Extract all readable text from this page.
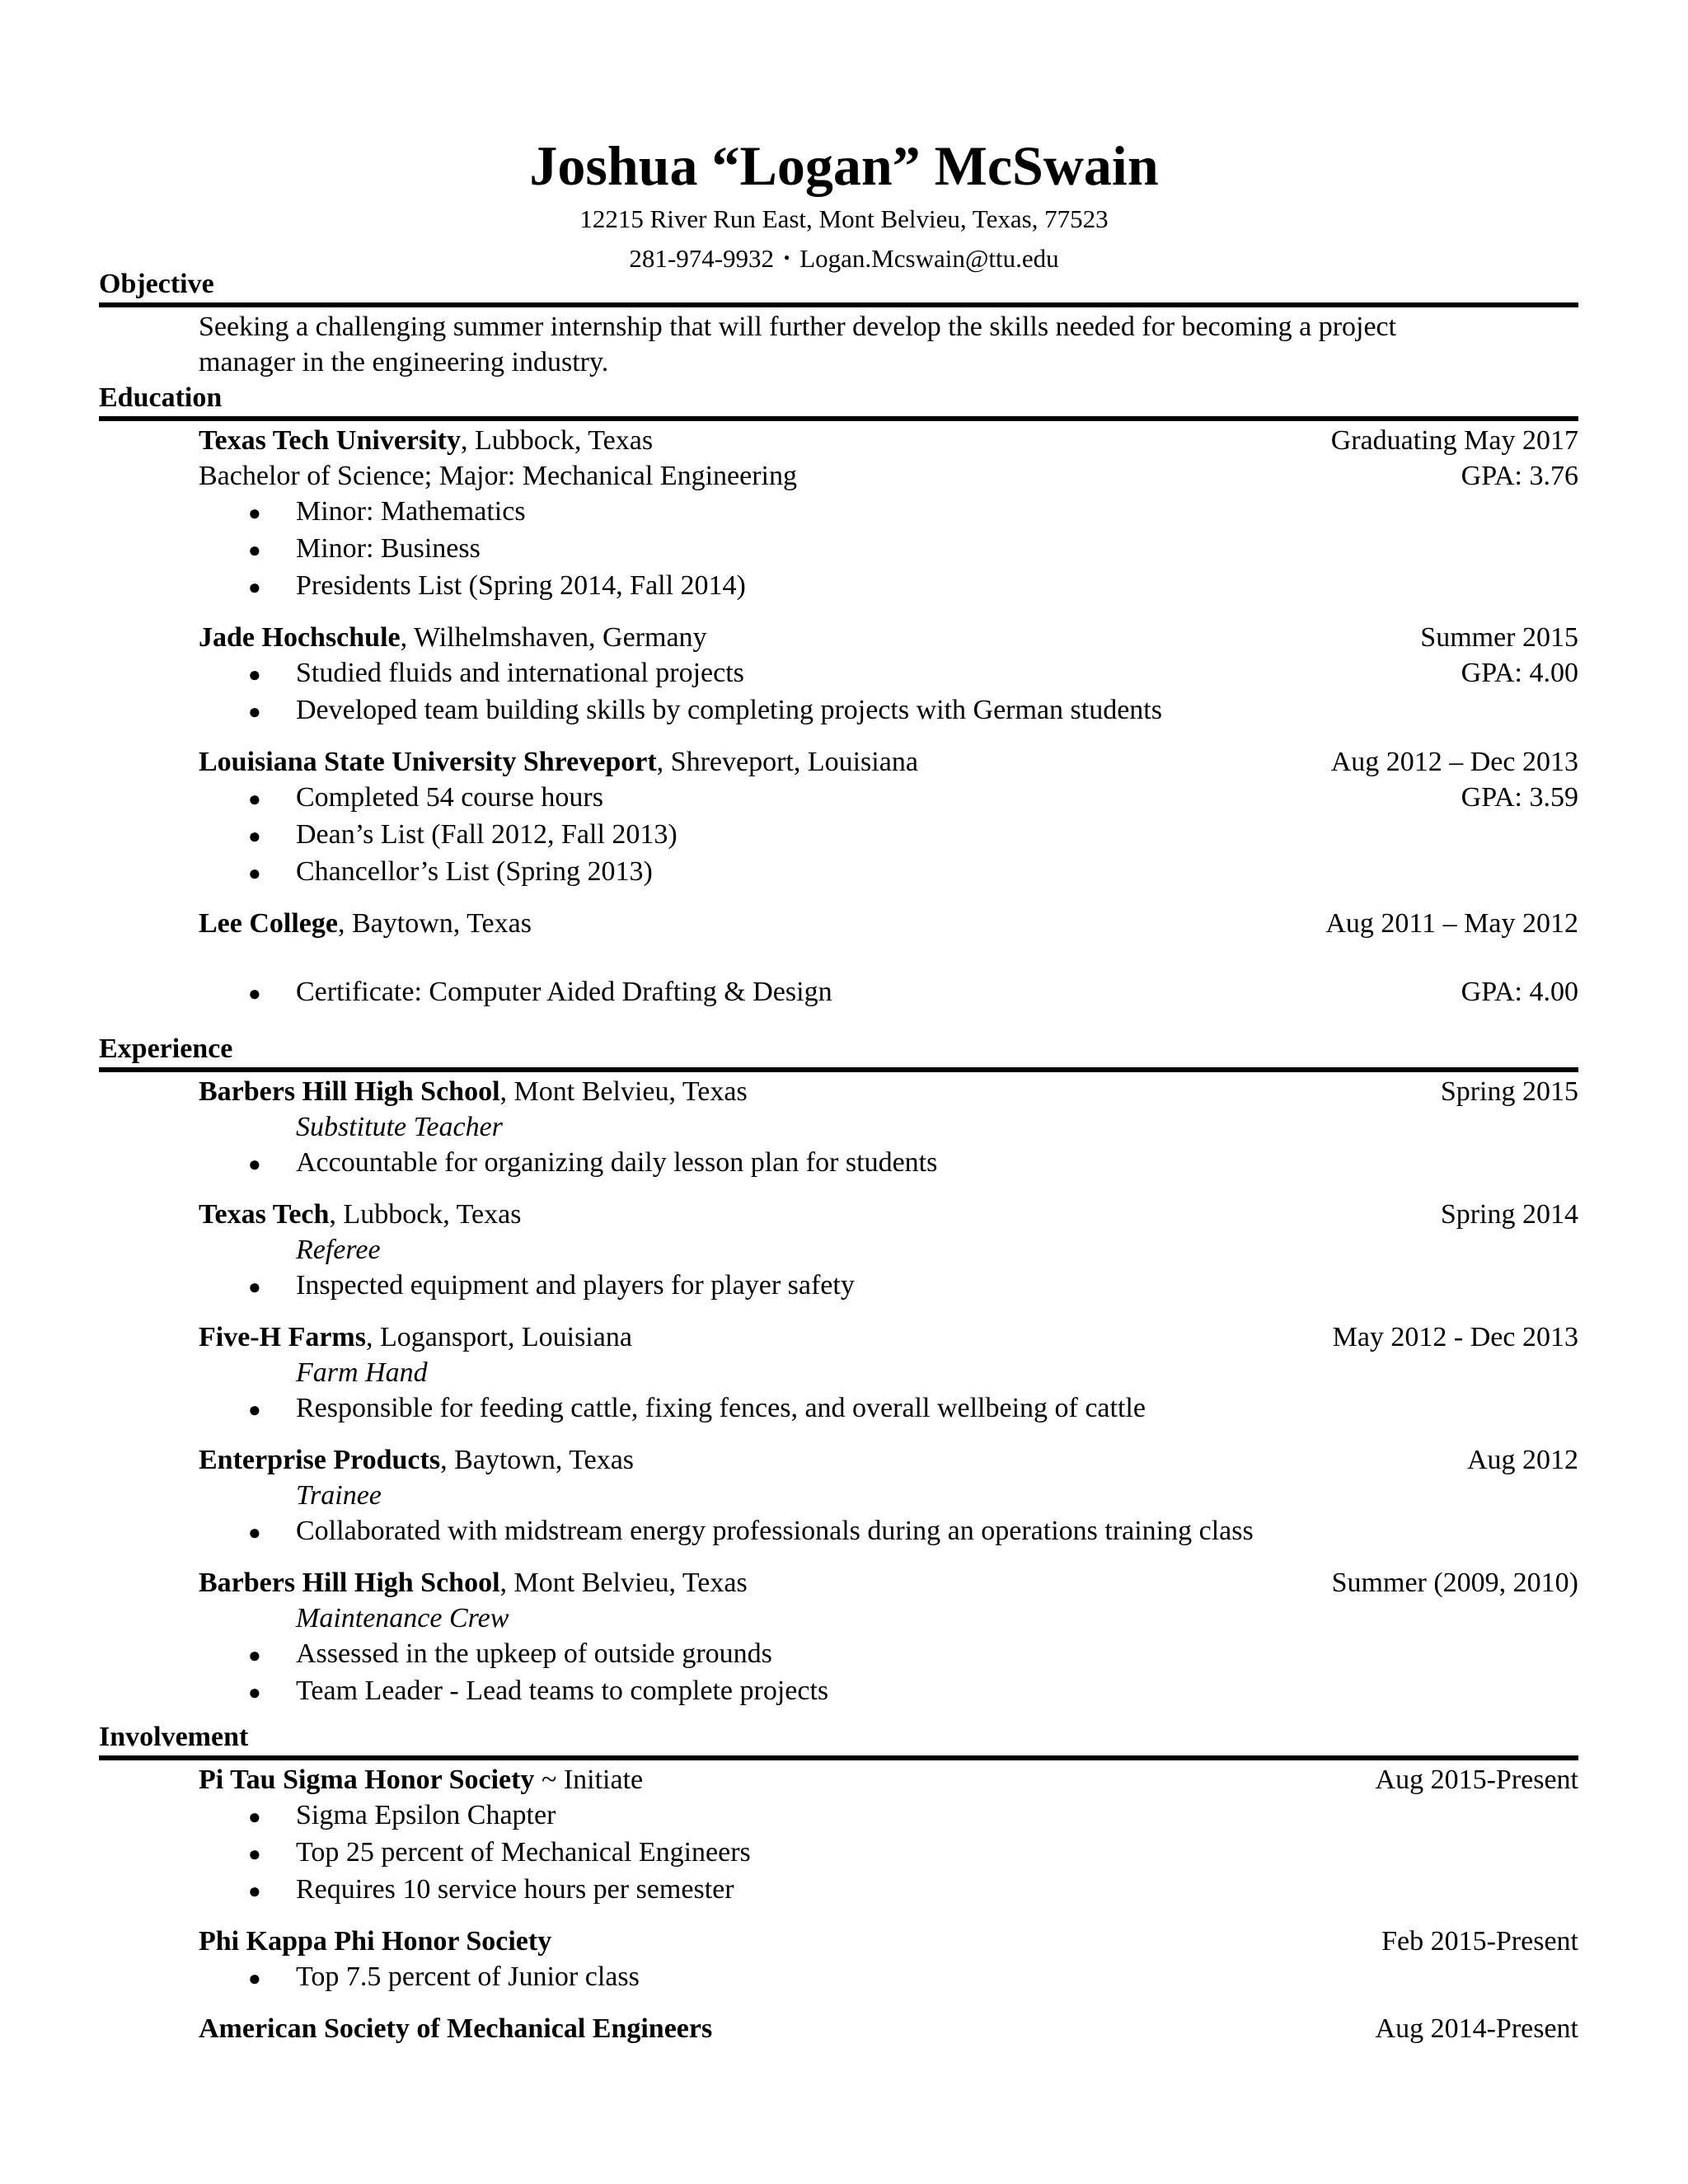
Joshua “Logan” McSwain
12215 River Run East, Mont Belvieu, Texas, 77523
281-974-9932 • Logan.Mcswain@ttu.edu
Objective
Seeking a challenging summer internship that will further develop the skills needed for becoming a project manager in the engineering industry.
Education
Texas Tech University, Lubbock, Texas	Graduating May 2017
Bachelor of Science; Major: Mechanical Engineering	GPA: 3.76
●	Minor: Mathematics
●	Minor: Business
●	Presidents List (Spring 2014, Fall 2014)
Jade Hochschule, Wilhelmshaven, Germany	Summer 2015
●	Studied fluids and international projects	GPA: 4.00
●	Developed team building skills by completing projects with German students
Louisiana State University Shreveport, Shreveport, Louisiana	Aug 2012 – Dec 2013
●	Completed 54 course hours	GPA: 3.59
●	Dean’s List (Fall 2012, Fall 2013)
●	Chancellor’s List (Spring 2013)
Lee College, Baytown, Texas	Aug 2011 – May 2012
●	Certificate: Computer Aided Drafting & Design	GPA: 4.00
Experience
Barbers Hill High School, Mont Belvieu, Texas	Spring 2015
Substitute Teacher
●	Accountable for organizing daily lesson plan for students
Texas Tech, Lubbock, Texas	Spring 2014
Referee
●	Inspected equipment and players for player safety
Five-H Farms, Logansport, Louisiana	May 2012 - Dec 2013
Farm Hand
●	Responsible for feeding cattle, fixing fences, and overall wellbeing of cattle
Enterprise Products, Baytown, Texas	Aug 2012
Trainee
●	Collaborated with midstream energy professionals during an operations training class
Barbers Hill High School, Mont Belvieu, Texas	Summer (2009, 2010)
Maintenance Crew
●	Assessed in the upkeep of outside grounds
●	Team Leader - Lead teams to complete projects
Involvement
Pi Tau Sigma Honor Society ~ Initiate	Aug 2015-Present
●	Sigma Epsilon Chapter
●	Top 25 percent of Mechanical Engineers
●	Requires 10 service hours per semester
Phi Kappa Phi Honor Society	Feb 2015-Present
●	Top 7.5 percent of Junior class
American Society of Mechanical Engineers	Aug 2014-Present
